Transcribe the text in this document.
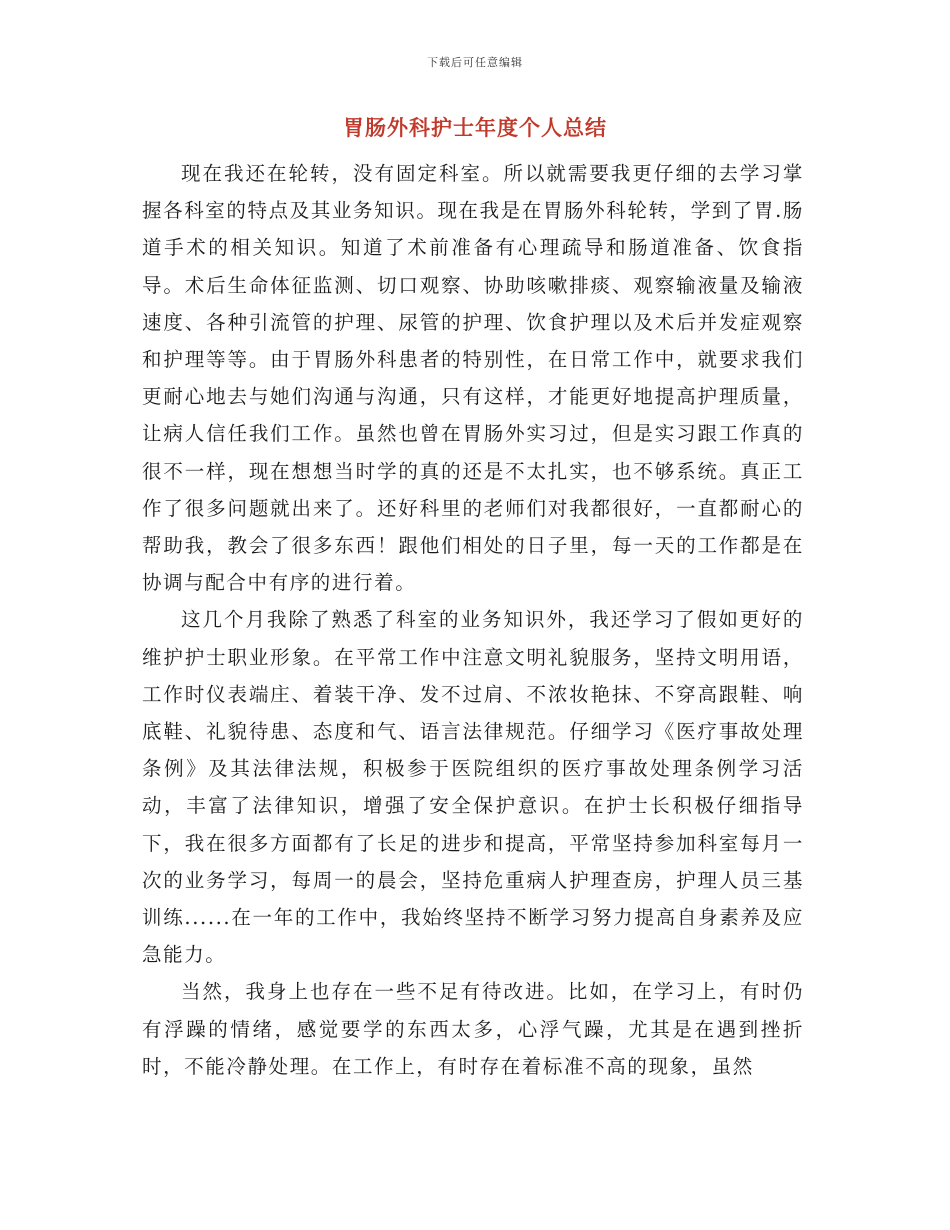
下载后可任意编辑
胃肠外科护士年度个人总结

现在我还在轮转，没有固定科室。所以就需要我更仔细的去学习掌握各科室的特点及其业务知识。现在我是在胃肠外科轮转，学到了胃.肠道手术的相关知识。知道了术前准备有心理疏导和肠道准备、饮食指导。术后生命体征监测、切口观察、协助咳嗽排痰、观察输液量及输液速度、各种引流管的护理、尿管的护理、饮食护理以及术后并发症观察和护理等等。由于胃肠外科患者的特别性，在日常工作中，就要求我们更耐心地去与她们沟通与沟通，只有这样，才能更好地提高护理质量，让病人信任我们工作。虽然也曾在胃肠外实习过，但是实习跟工作真的很不一样，现在想想当时学的真的还是不太扎实，也不够系统。真正工作了很多问题就出来了。还好科里的老师们对我都很好，一直都耐心的帮助我，教会了很多东西！跟他们相处的日子里，每一天的工作都是在协调与配合中有序的进行着。

这几个月我除了熟悉了科室的业务知识外，我还学习了假如更好的维护护士职业形象。在平常工作中注意文明礼貌服务，坚持文明用语，工作时仪表端庄、着装干净、发不过肩、不浓妆艳抹、不穿高跟鞋、响底鞋、礼貌待患、态度和气、语言法律规范。仔细学习《医疗事故处理条例》及其法律法规，积极参于医院组织的医疗事故处理条例学习活动，丰富了法律知识，增强了安全保护意识。在护士长积极仔细指导下，我在很多方面都有了长足的进步和提高，平常坚持参加科室每月一次的业务学习，每周一的晨会，坚持危重病人护理查房，护理人员三基训练......在一年的工作中，我始终坚持不断学习努力提高自身素养及应急能力。

当然，我身上也存在一些不足有待改进。比如，在学习上，有时仍有浮躁的情绪，感觉要学的东西太多，心浮气躁，尤其是在遇到挫折时，不能冷静处理。在工作上，有时存在着标准不高的现象，虽然
